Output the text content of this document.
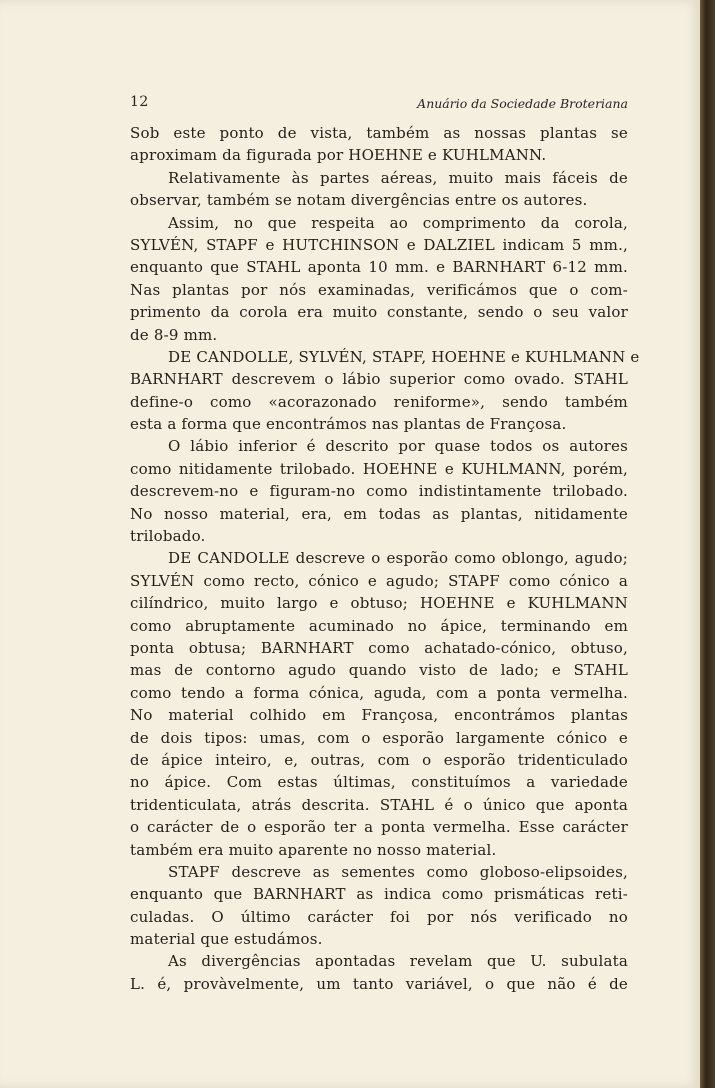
12	Anuário da Sociedade Broteriana
Sob este ponto de vista, também as nossas plantas se
aproximam da figurada por HOEHNE e KUHLMANN.
Relativamente às partes aéreas, muito mais fáceis de
observar, também se notam divergências entre os autores.
Assim, no que respeita ao comprimento da corola,
SYLVÉN, STAPF e HUTCHINSON e DALZIEL indicam 5 mm.,
enquanto que STAHL aponta 10 mm. e BARNHART 6-12 mm.
Nas plantas por nós examinadas, verificámos que o com-
primento da corola era muito constante, sendo o seu valor
de 8-9 mm.
DE CANDOLLE, SYLVÉN, STAPF, HOEHNE e KUHLMANN e
BARNHART descrevem o lábio superior como ovado. STAHL
define-o como «acorazonado reniforme», sendo também
esta a forma que encontrámos nas plantas de Françosa.
O lábio inferior é descrito por quase todos os autores
como nitidamente trilobado. HOEHNE e KUHLMANN, porém,
descrevem-no e figuram-no como indistintamente trilobado.
No nosso material, era, em todas as plantas, nitidamente
trilobado.
DE CANDOLLE descreve o esporão como oblongo, agudo;
SYLVÉN como recto, cónico e agudo; STAPF como cónico a
cilíndrico, muito largo e obtuso; HOEHNE e KUHLMANN
como abruptamente acuminado no ápice, terminando em
ponta obtusa; BARNHART como achatado-cónico, obtuso,
mas de contorno agudo quando visto de lado; e STAHL
como tendo a forma cónica, aguda, com a ponta vermelha.
No material colhido em Françosa, encontrámos plantas
de dois tipos: umas, com o esporão largamente cónico e
de ápice inteiro, e, outras, com o esporão tridenticulado
no ápice. Com estas últimas, constituímos a variedade
tridenticulata, atrás descrita. STAHL é o único que aponta
o carácter de o esporão ter a ponta vermelha. Esse carácter
também era muito aparente no nosso material.
STAPF descreve as sementes como globoso-elipsoides,
enquanto que BARNHART as indica como prismáticas reti-
culadas. O último carácter foi por nós verificado no
material que estudámos.
As divergências apontadas revelam que U. subulata
L. é, provàvelmente, um tanto variável, o que não é de
